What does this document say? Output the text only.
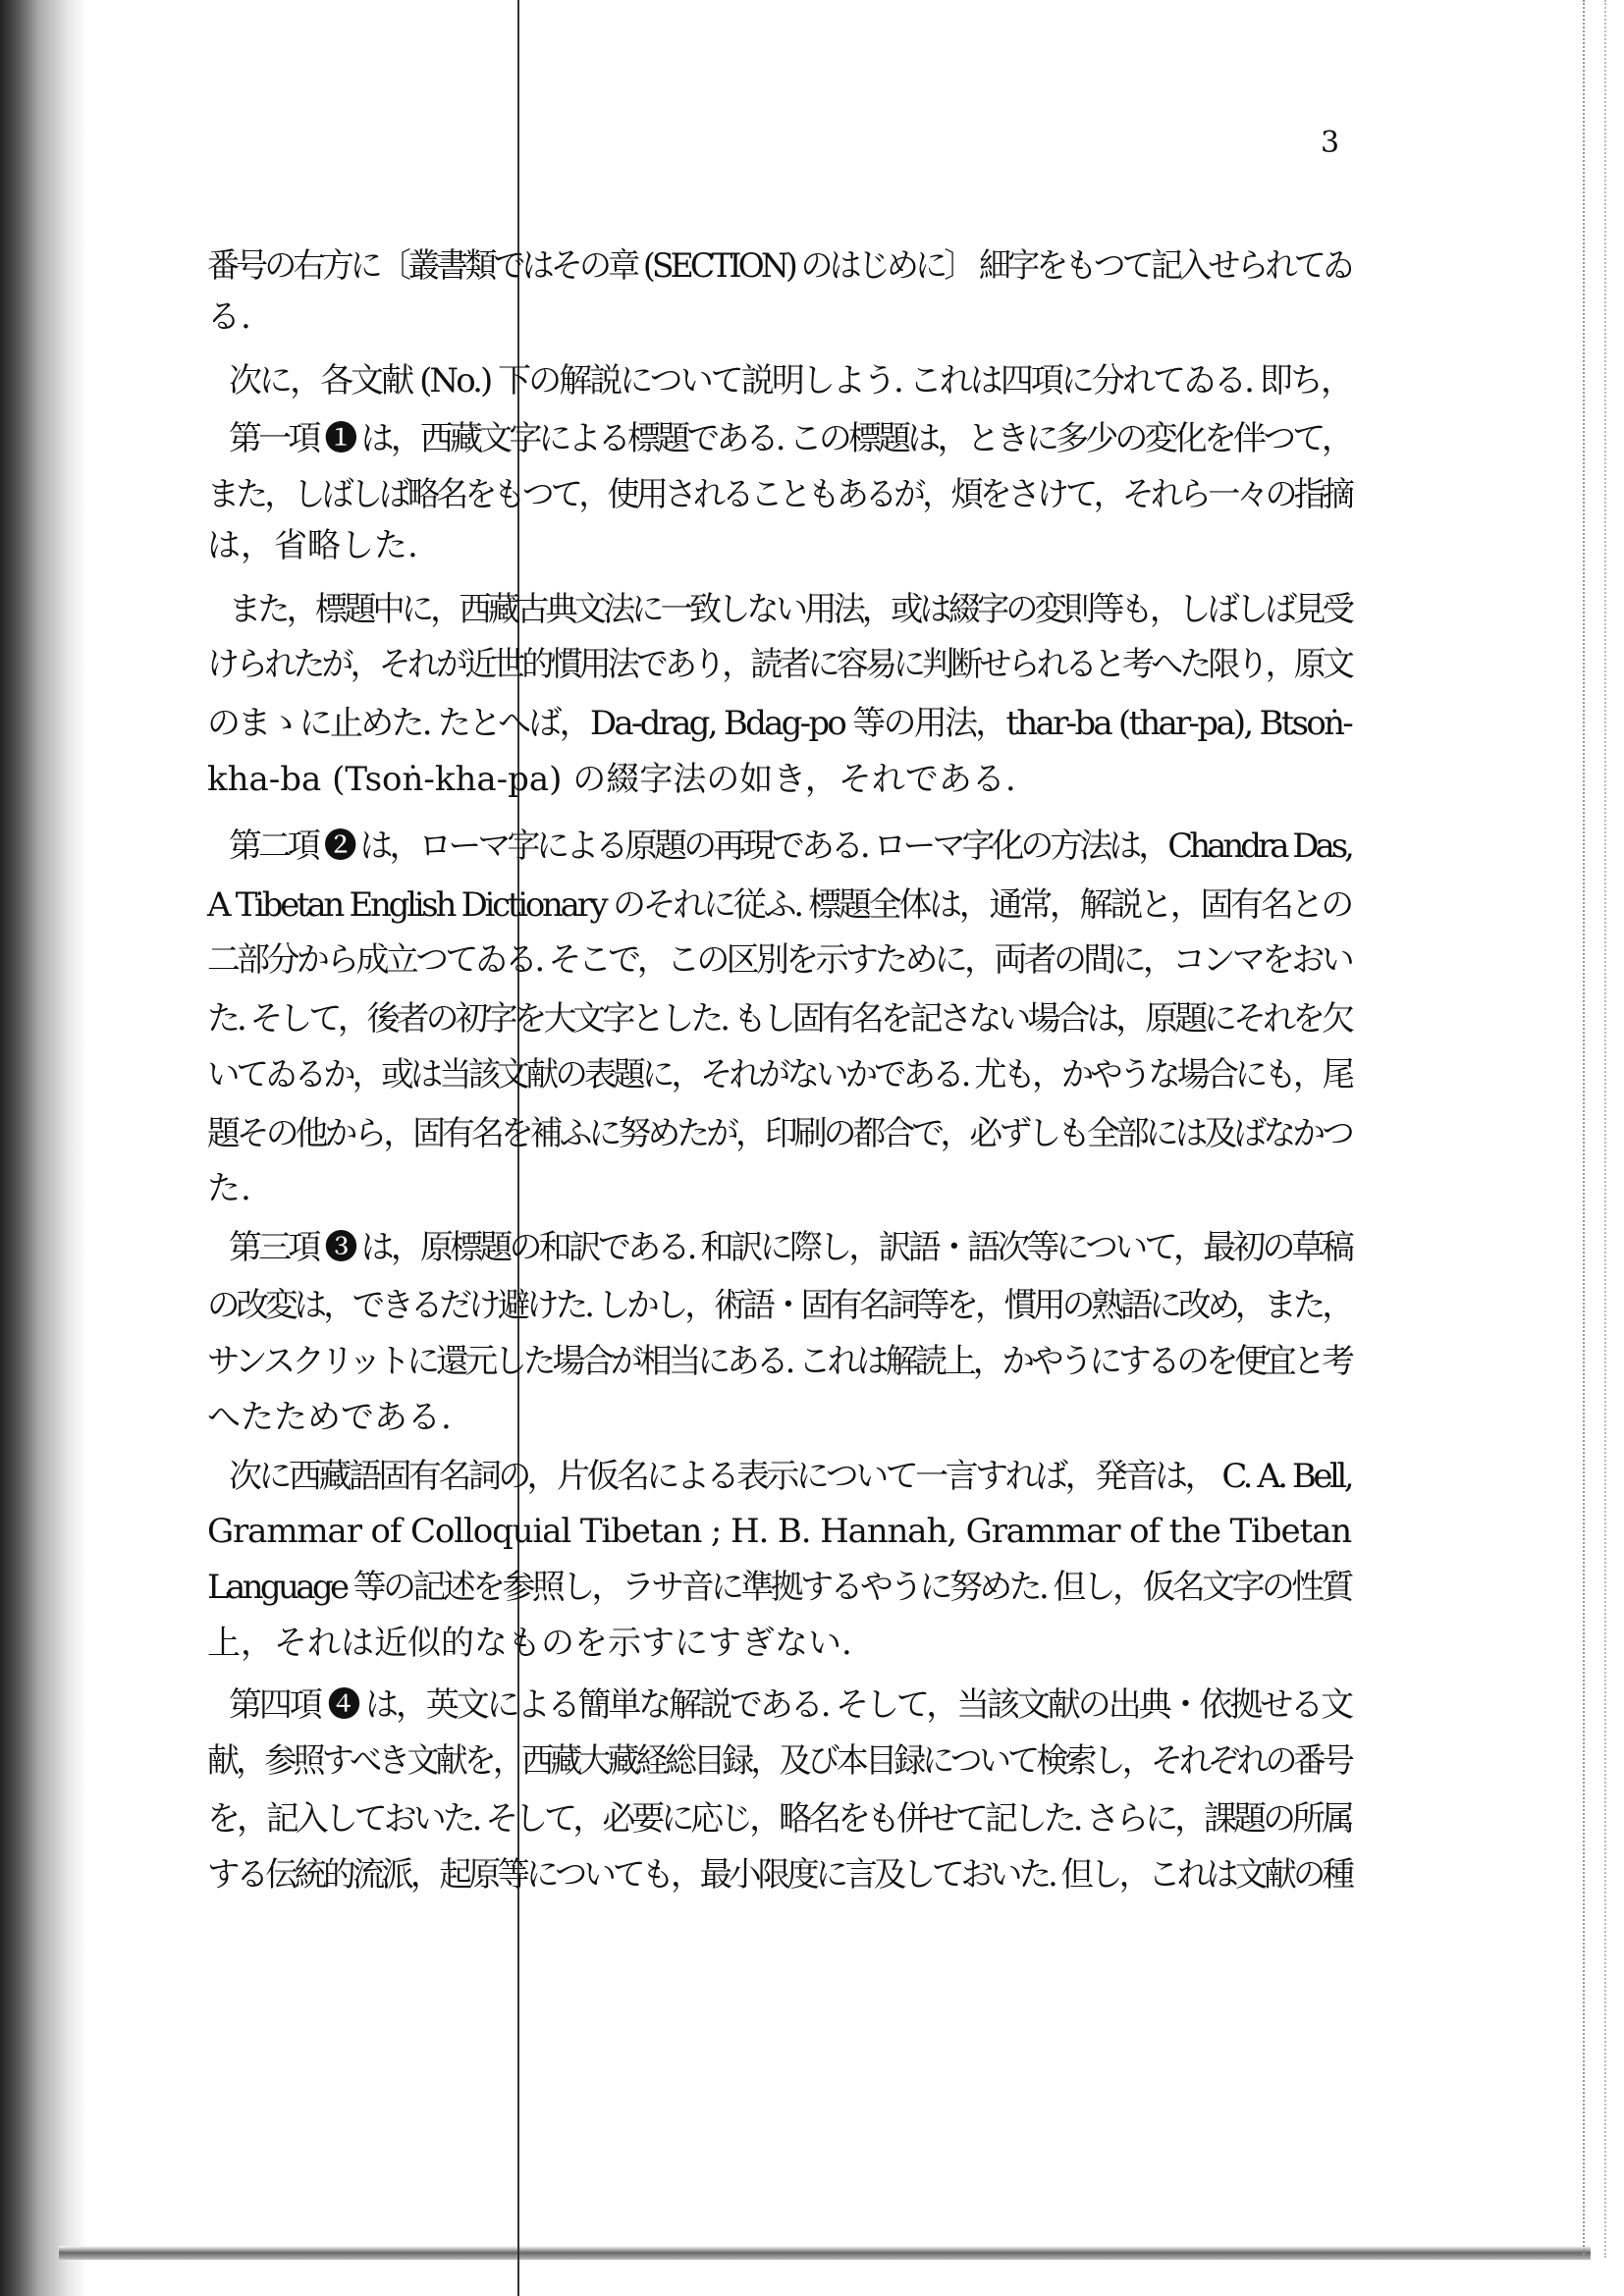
3
番号の右方に〔叢書類ではその章 (SECTION) のはじめに〕 細字をもつて記入せられてゐ
る.
次に，各文献 (No.) 下の解説について説明しよう. これは四項に分れてゐる. 即ち，
第一項 ❶ は，西藏文字による標題である. この標題は，ときに多少の変化を伴つて，
また，しばしば略名をもつて，使用されることもあるが，煩をさけて，それら一々の指摘
は，省略した.
また，標題中に，西藏古典文法に一致しない用法，或は綴字の変則等も，しばしば見受
けられたが，それが近世的慣用法であり，読者に容易に判断せられると考へた限り，原文
のまゝに止めた. たとへば，Da-drag, Bdag-po 等の用法，thar-ba (thar-pa), Btsoṅ-
kha-ba (Tsoṅ-kha-pa) の綴字法の如き，それである.
第二項 ❷ は，ローマ字による原題の再現である. ローマ字化の方法は，Chandra Das,
A Tibetan English Dictionary のそれに従ふ. 標題全体は，通常，解説と，固有名との
二部分から成立つてゐる. そこで，この区別を示すために，両者の間に，コンマをおい
た. そして，後者の初字を大文字とした. もし固有名を記さない場合は，原題にそれを欠
いてゐるか，或は当該文献の表題に，それがないかである. 尤も，かやうな場合にも，尾
題その他から，固有名を補ふに努めたが，印刷の都合で，必ずしも全部には及ばなかつ
た.
第三項 ❸ は，原標題の和訳である. 和訳に際し，訳語・語次等について，最初の草稿
の改変は，できるだけ避けた. しかし，術語・固有名詞等を，慣用の熟語に改め，また，
サンスクリットに還元した場合が相当にある. これは解読上，かやうにするのを便宜と考
へたためである.
次に西藏語固有名詞の，片仮名による表示について一言すれば，発音は， C. A. Bell,
Grammar of Colloquial Tibetan ; H. B. Hannah, Grammar of the Tibetan
Language 等の記述を参照し，ラサ音に準拠するやうに努めた. 但し，仮名文字の性質
上，それは近似的なものを示すにすぎない.
第四項 ❹ は，英文による簡単な解説である. そして，当該文献の出典・依拠せる文
献，参照すべき文献を，西藏大藏経総目録，及び本目録について検索し，それぞれの番号
を，記入しておいた. そして，必要に応じ，略名をも併せて記した. さらに，課題の所属
する伝統的流派，起原等についても，最小限度に言及しておいた. 但し，これは文献の種
